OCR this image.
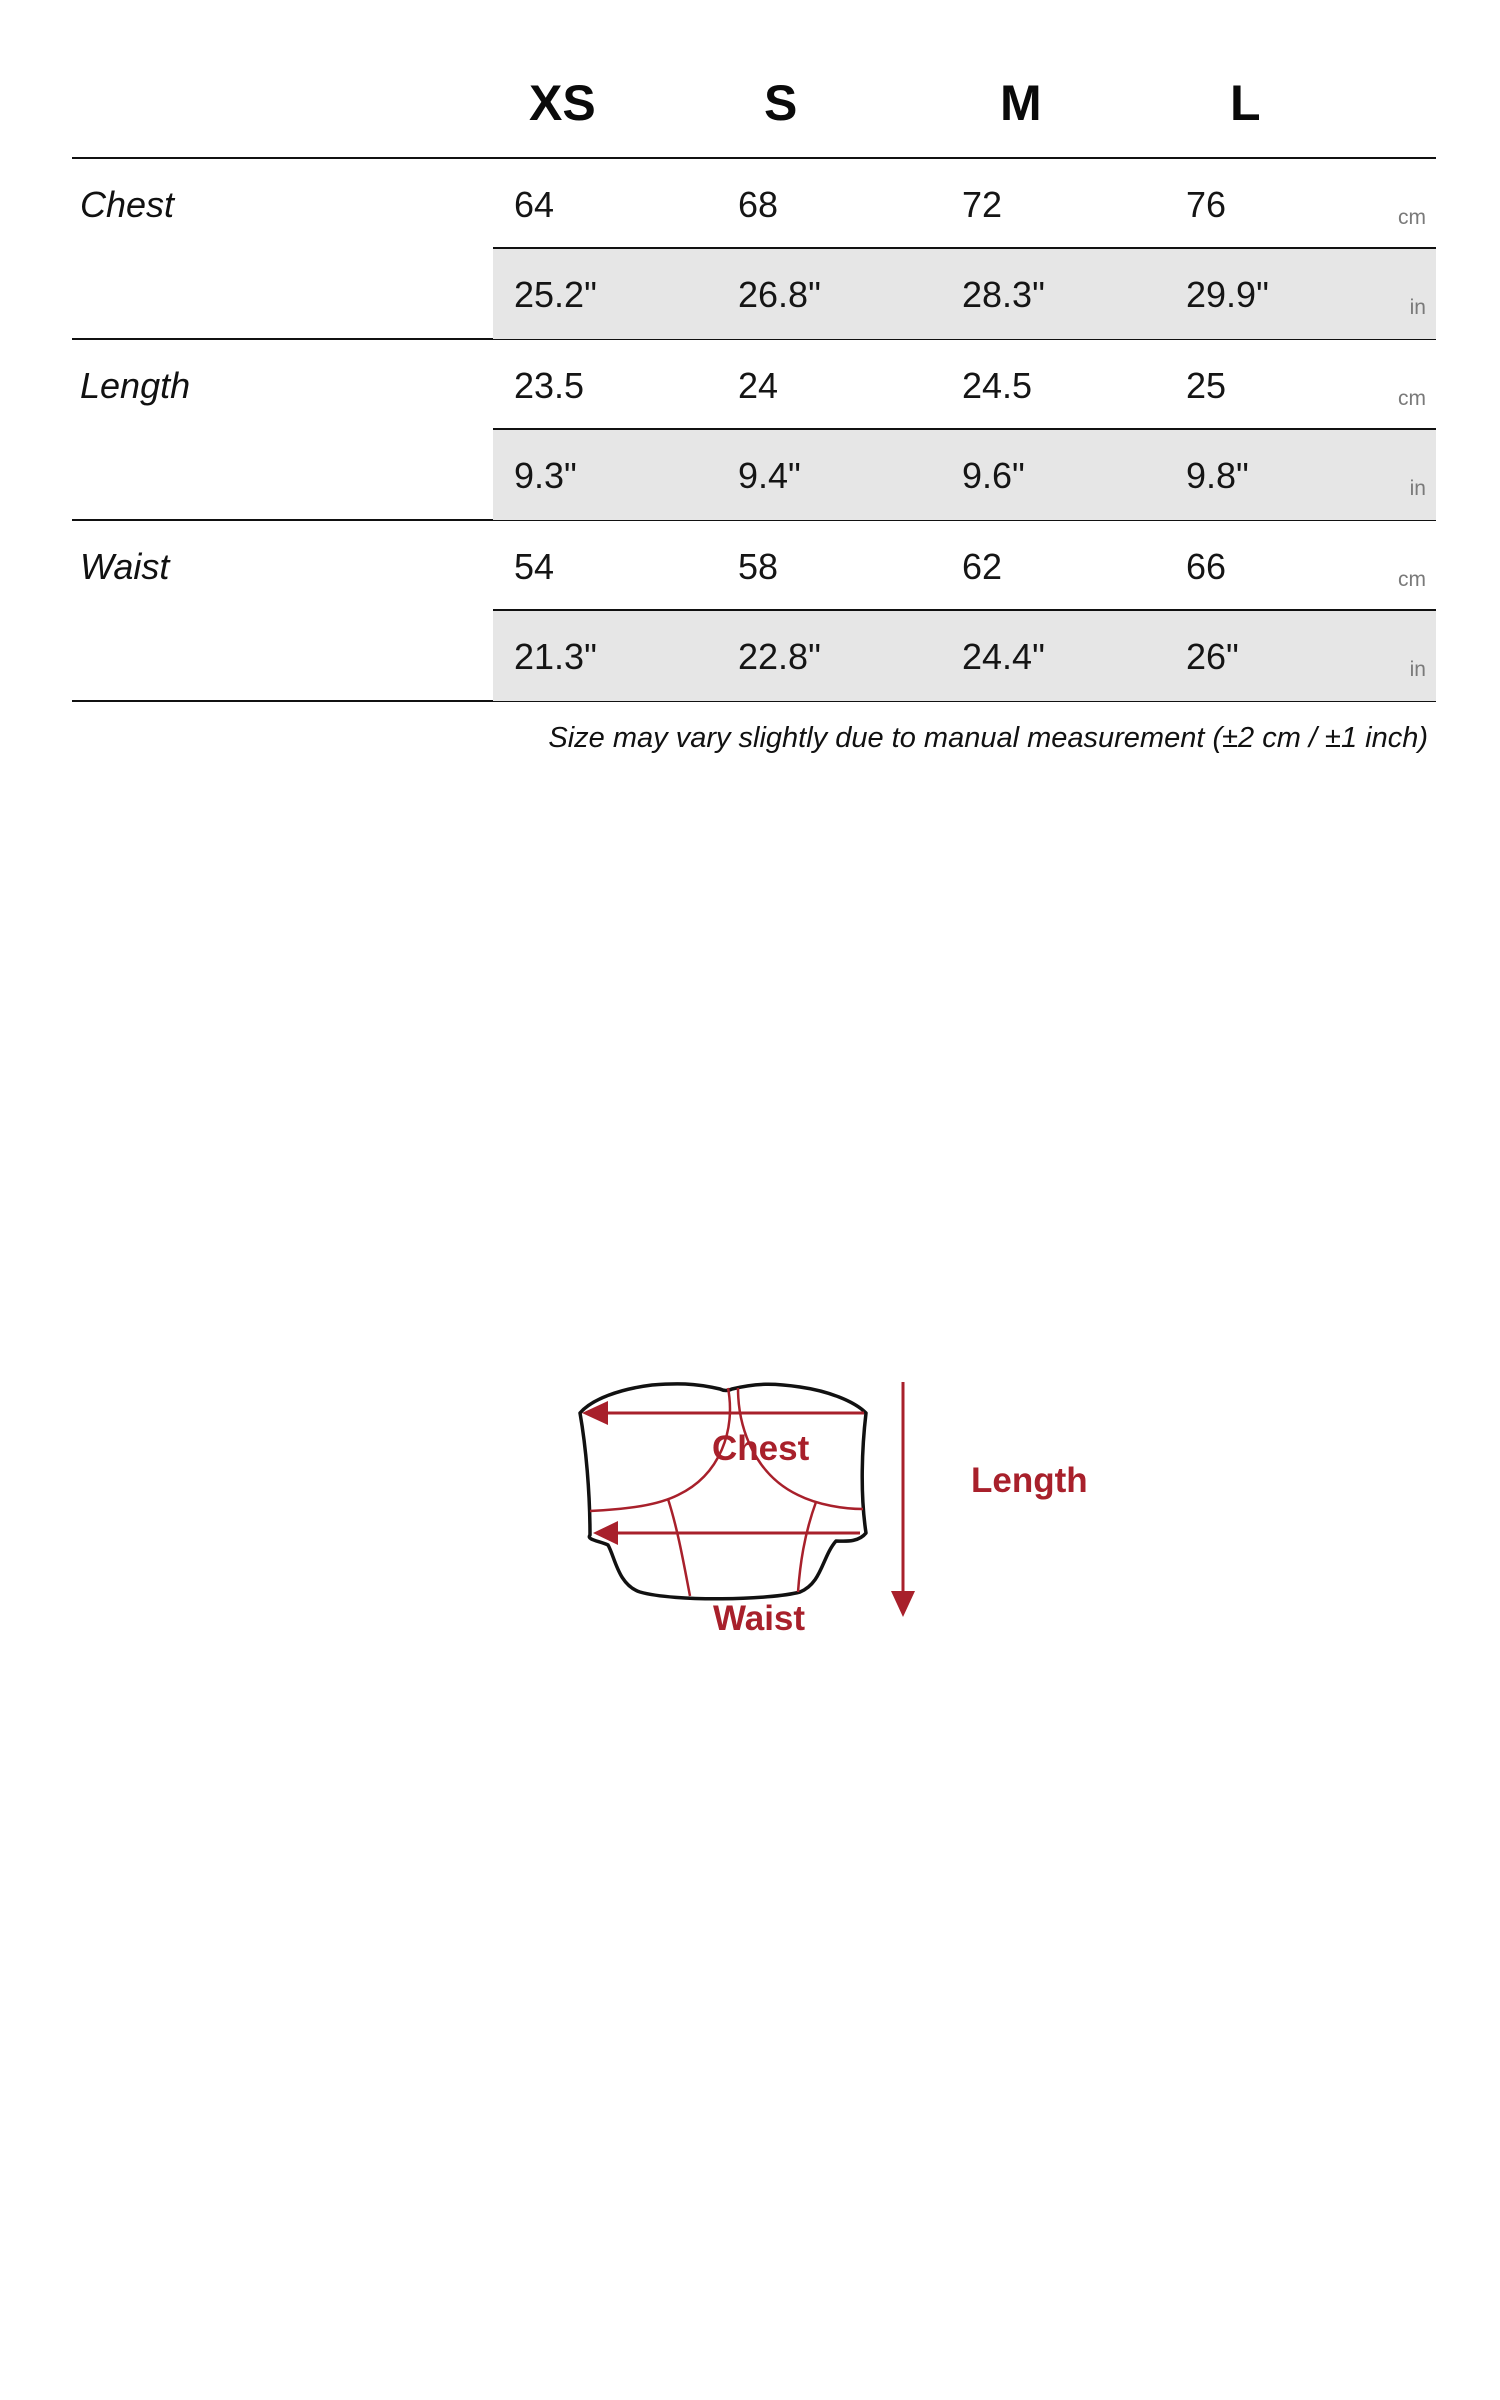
XS	S	M	L
Chest	64	68	72	76	cm
25.2"	26.8"	28.3"	29.9"	in
Length	23.5	24	24.5	25	cm
9.3"	9.4"	9.6"	9.8"	in
Waist	54	58	62	66	cm
21.3"	22.8"	24.4"	26"	in
Size may vary slightly due to manual measurement (±2 cm / ±1 inch)
Chest
Waist
Length
